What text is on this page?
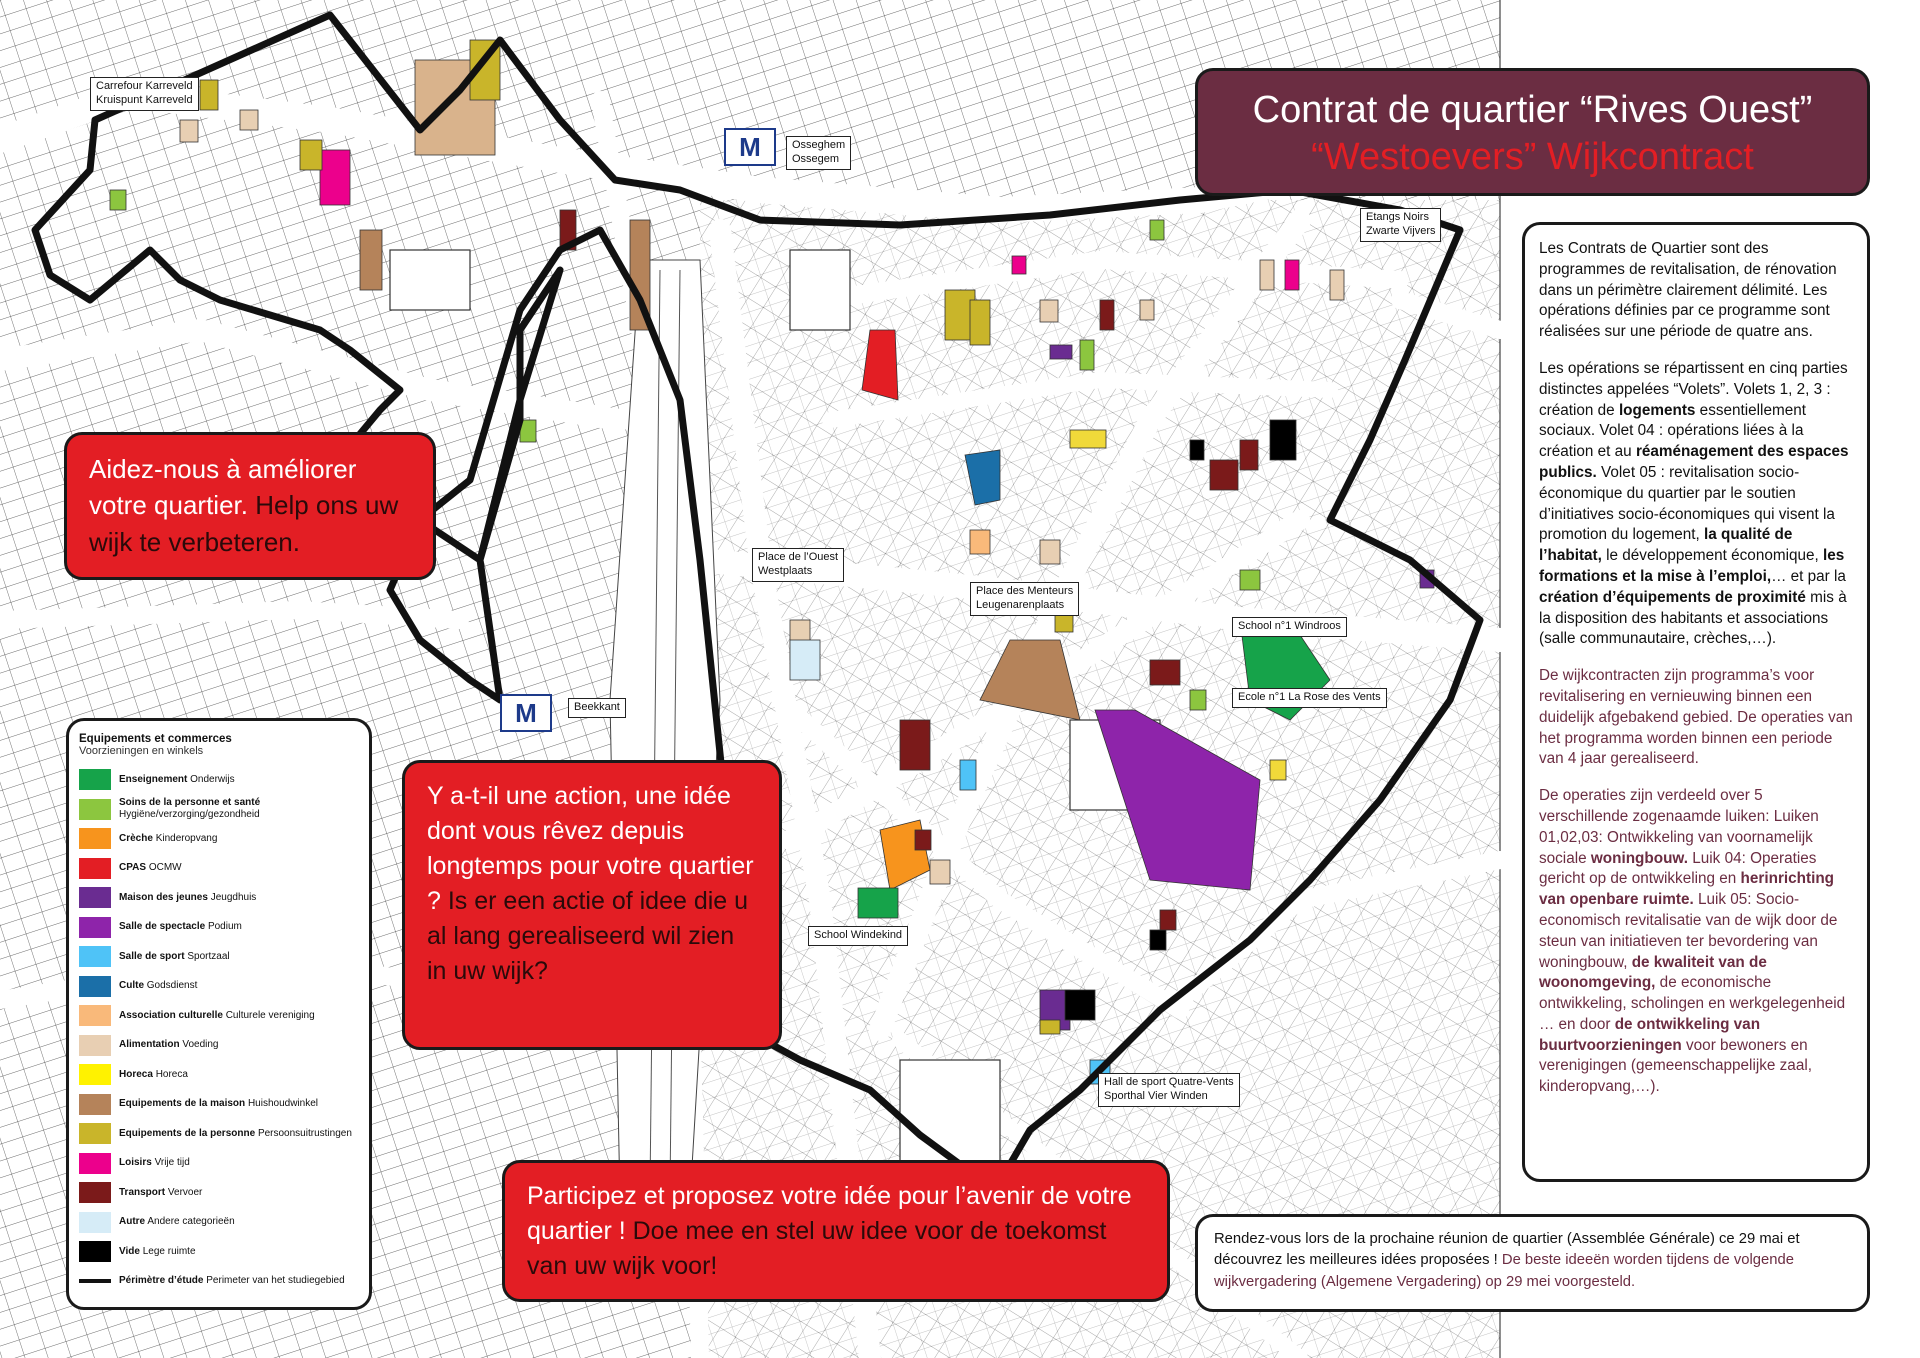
Carrefour Karreveld
Kruispunt Karreveld
M	Osseghem
Ossegem
Etangs Noirs
Zwarte Vijvers
Place de l’Ouest
Westplaats
Place des Menteurs
Leugenarenplaats
School n°1 Windroos
Ecole n°1 La Rose des Vents
M	Beekkant
School Windekind
Hall de sport Quatre-Vents
Sporthal Vier Winden
Aidez-nous à améliorer votre quartier. Help ons uw wijk te verbeteren.
Y a-t-il une action, une idée dont vous rêvez depuis longtemps pour votre quartier ? Is er een actie of idee die u al lang gerealiseerd wil zien in uw wijk?
Participez et proposez votre idée pour l’avenir de votre quartier ! Doe mee en stel uw idee voor de toekomst van uw wijk voor!
Contrat de quartier “Rives Ouest”
“Westoevers” Wijkcontract

Les Contrats de Quartier sont des programmes de revitalisation, de rénovation dans un périmètre clairement délimité. Les opérations définies par ce programme sont réalisées sur une période de quatre ans.

Les opérations se répartissent en cinq parties distinctes appelées “Volets”. Volets 1, 2, 3 : création de logements essentiellement sociaux. Volet 04 : opérations liées à la création et au réaménagement des espaces publics. Volet 05 : revitalisation socio-économique du quartier par le soutien d’initiatives socio-économiques qui visent la promotion du logement, la qualité de l’habitat, le développement économique, les formations et la mise à l’emploi,… et par la création d’équipements de proximité mis à la disposition des habitants et associations (salle communautaire, crèches,…).

De wijkcontracten zijn programma’s voor revitalisering en vernieuwing binnen een duidelijk afgebakend gebied. De operaties van het programma worden binnen een periode van 4 jaar gerealiseerd.

De operaties zijn verdeeld over 5 verschillende zogenaamde luiken: Luiken 01,02,03: Ontwikkeling van voornamelijk sociale woningbouw. Luik 04: Operaties gericht op de ontwikkeling en herinrichting van openbare ruimte. Luik 05: Socio-economisch revitalisatie van de wijk door de steun van initiatieven ter bevordering van woningbouw, de kwaliteit van de woonomgeving, de economische ontwikkeling, scholingen en werkgelegenheid … en door de ontwikkeling van buurtvoorzieningen voor bewoners en verenigingen (gemeenschappelijke zaal, kinderopvang,…).

Rendez-vous lors de la prochaine réunion de quartier (Assemblée Générale) ce 29 mai et découvrez les meilleures idées proposées ! De beste ideeën worden tijdens de volgende wijkvergadering (Algemene Vergadering) op 29 mei voorgesteld.
Equipements et commerces
Voorzieningen en winkels
Enseignement Onderwijs
Soins de la personne et santé Hygiëne/verzorging/gezondheid
Crèche Kinderopvang
CPAS OCMW
Maison des jeunes Jeugdhuis
Salle de spectacle Podium
Salle de sport Sportzaal
Culte Godsdienst
Association culturelle Culturele vereniging
Alimentation Voeding
Horeca Horeca
Equipements de la maison Huishoudwinkel
Equipements de la personne Persoonsuitrustingen
Loisirs Vrije tijd
Transport Vervoer
Autre Andere categorieën
Vide Lege ruimte
Périmètre d’étude Perimeter van het studiegebied
